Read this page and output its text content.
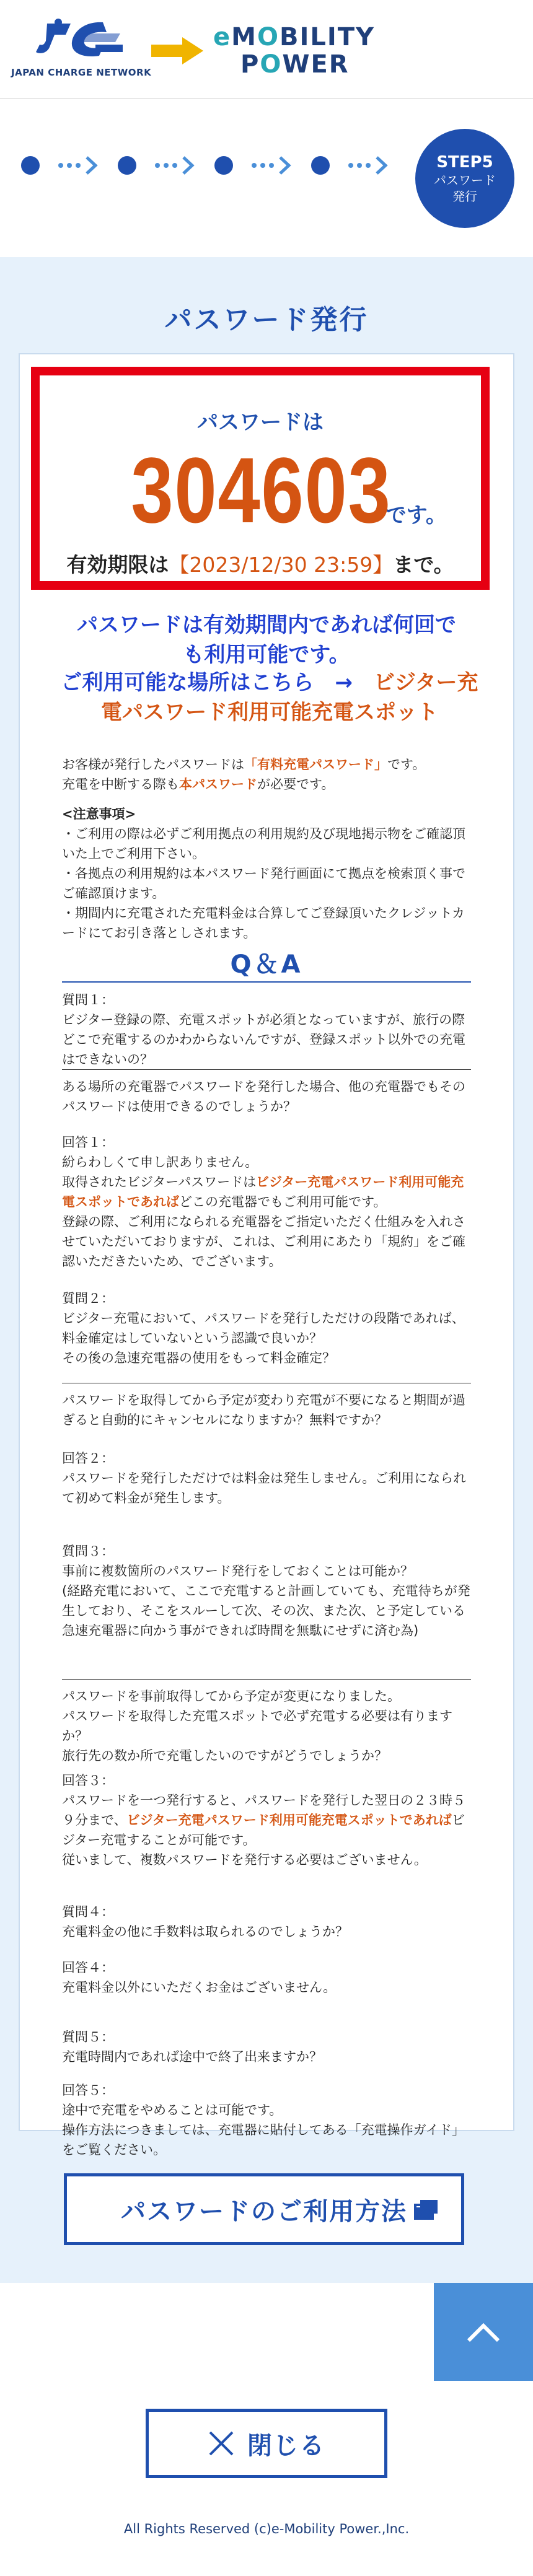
JAPAN CHARGE NETWORK
eMOBILITY
POWER
STEP5
パスワード
発行
パスワード発行
パスワードは
304603です。
有効期限は【2023/12/30 23:59】まで。
パスワードは有効期間内であれば何回で
も利用可能です。
ご利用可能な場所はこちら　→　ビジター充電パスワード利用可能充電スポット
お客様が発行したパスワードは「有料充電パスワード」です。
充電を中断する際も本パスワードが必要です。
<注意事項>
・ご利用の際は必ずご利用拠点の利用規約及び現地掲示物をご確認頂いた上でご利用下さい。
・各拠点の利用規約は本パスワード発行画面にて拠点を検索頂く事でご確認頂けます。
・期間内に充電された充電料金は合算してご登録頂いたクレジットカードにてお引き落としされます。
Q＆A
質問１：
ビジター登録の際、充電スポットが必須となっていますが、旅行の際どこで充電するのかわからないんですが、登録スポット以外での充電はできないの？
ある場所の充電器でパスワードを発行した場合、他の充電器でもそのパスワードは使用できるのでしょうか？
回答１：
紛らわしくて申し訳ありません。
取得されたビジターパスワードはビジター充電パスワード利用可能充電スポットであればどこの充電器でもご利用可能です。
登録の際、ご利用になられる充電器をご指定いただく仕組みを入れさせていただいておりますが、これは、ご利用にあたり「規約」をご確認いただきたいため、でございます。
質問２：
ビジター充電において、パスワードを発行しただけの段階であれば、料金確定はしていないという認識で良いか？
その後の急速充電器の使用をもって料金確定？
パスワードを取得してから予定が変わり充電が不要になると期間が過ぎると自動的にキャンセルになりますか？無料ですか？
回答２：
パスワードを発行しただけでは料金は発生しません。ご利用になられて初めて料金が発生します。
質問３：
事前に複数箇所のパスワード発行をしておくことは可能か？
(経路充電において、ここで充電すると計画していても、充電待ちが発生しており、そこをスルーして次、その次、また次、と予定している急速充電器に向かう事ができれば時間を無駄にせずに済む為)
パスワードを事前取得してから予定が変更になりました。
パスワードを取得した充電スポットで必ず充電する必要は有りますか？
旅行先の数か所で充電したいのですがどうでしょうか？
回答３：
パスワードを一つ発行すると、パスワードを発行した翌日の２３時５９分まで、ビジター充電パスワード利用可能充電スポットであればビジター充電することが可能です。
従いまして、複数パスワードを発行する必要はございません。
質問４：
充電料金の他に手数料は取られるのでしょうか？
回答４：
充電料金以外にいただくお金はございません。
質問５：
充電時間内であれば途中で終了出来ますか？
回答５：
途中で充電をやめることは可能です。
操作方法につきましては、充電器に貼付してある「充電操作ガイド」をご覧ください。
パスワードのご利用方法
閉じる
All Rights Reserved (c)e-Mobility Power.,Inc.
